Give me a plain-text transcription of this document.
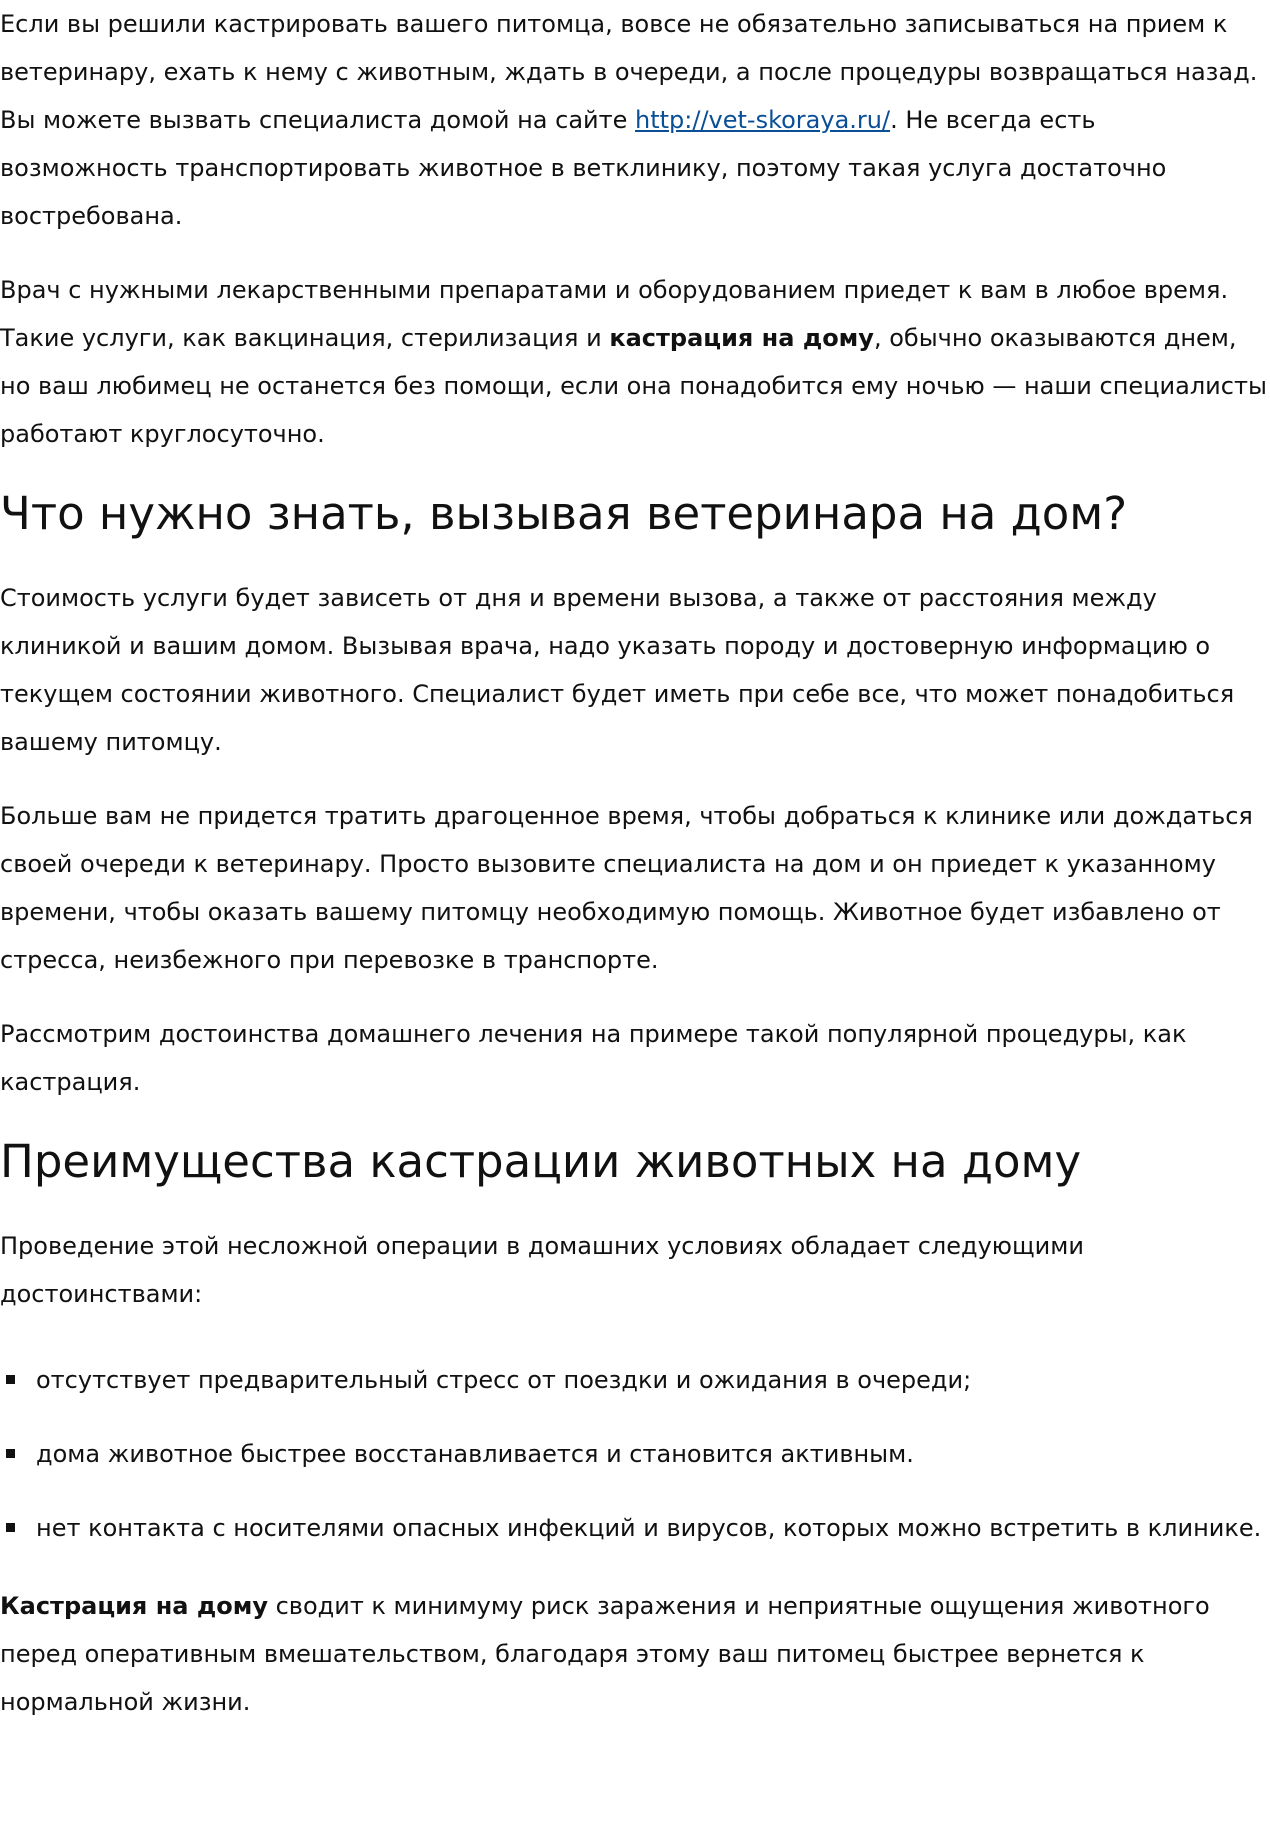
Если вы решили кастрировать вашего питомца, вовсе не обязательно записываться на прием к ветеринару, ехать к нему с животным, ждать в очереди, а после процедуры возвращаться назад. Вы можете вызвать специалиста домой на сайте http://vet-skoraya.ru/. Не всегда есть возможность транспортировать животное в ветклинику, поэтому такая услуга достаточно востребована.

Врач с нужными лекарственными препаратами и оборудованием приедет к вам в любое время. Такие услуги, как вакцинация, стерилизация и кастрация на дому, обычно оказываются днем, но ваш любимец не останется без помощи, если она понадобится ему ночью — наши специалисты работают круглосуточно.

Что нужно знать, вызывая ветеринара на дом?

Стоимость услуги будет зависеть от дня и времени вызова, а также от расстояния между клиникой и вашим домом. Вызывая врача, надо указать породу и достоверную информацию о текущем состоянии животного. Специалист будет иметь при себе все, что может понадобиться вашему питомцу.

Больше вам не придется тратить драгоценное время, чтобы добраться к клинике или дождаться своей очереди к ветеринару. Просто вызовите специалиста на дом и он приедет к указанному времени, чтобы оказать вашему питомцу необходимую помощь. Животное будет избавлено от стресса, неизбежного при перевозке в транспорте.

Рассмотрим достоинства домашнего лечения на примере такой популярной процедуры, как кастрация.

Преимущества кастрации животных на дому

Проведение этой несложной операции в домашних условиях обладает следующими достоинствами:

отсутствует предварительный стресс от поездки и ожидания в очереди;
дома животное быстрее восстанавливается и становится активным.
нет контакта с носителями опасных инфекций и вирусов, которых можно встретить в клинике.

Кастрация на дому сводит к минимуму риск заражения и неприятные ощущения животного перед оперативным вмешательством, благодаря этому ваш питомец быстрее вернется к нормальной жизни.
